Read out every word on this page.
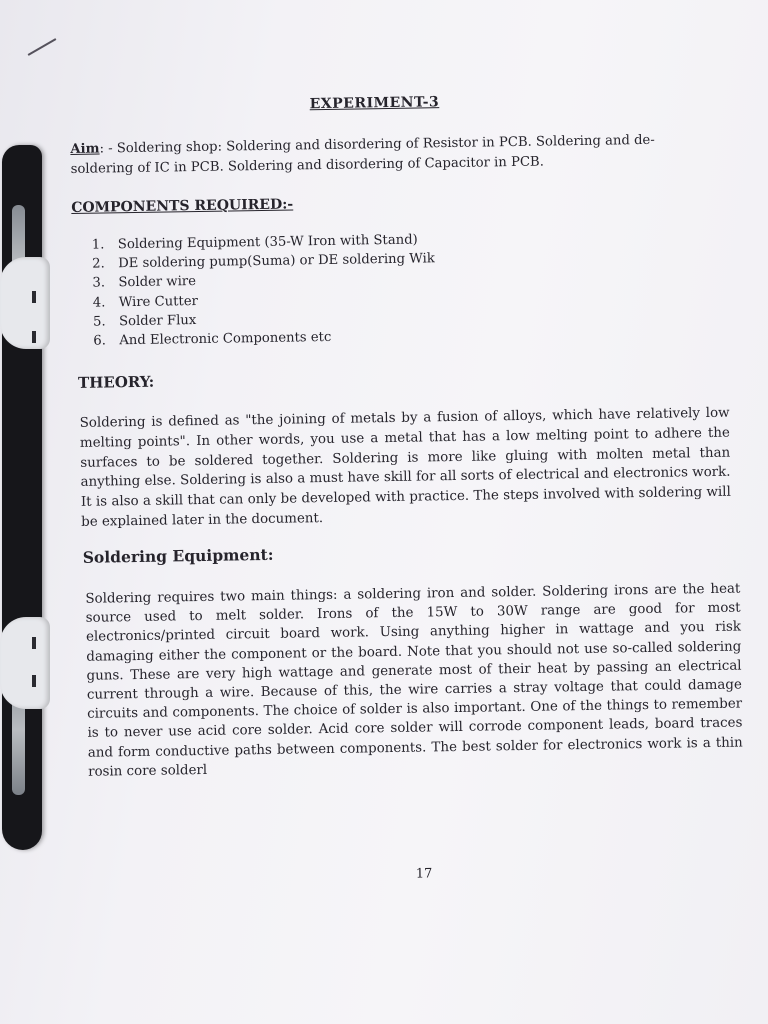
EXPERIMENT-3
Aim: - Soldering shop: Soldering and disordering of Resistor in PCB. Soldering and de-soldering of IC in PCB. Soldering and disordering of Capacitor in PCB.
COMPONENTS REQUIRED:-
1. Soldering Equipment (35-W Iron with Stand)
2. DE soldering pump(Suma) or DE soldering Wik
3. Solder wire
4. Wire Cutter
5. Solder Flux
6. And Electronic Components etc
THEORY:
Soldering is defined as "the joining of metals by a fusion of alloys, which have relatively low melting points". In other words, you use a metal that has a low melting point to adhere the surfaces to be soldered together. Soldering is more like gluing with molten metal than anything else. Soldering is also a must have skill for all sorts of electrical and electronics work. It is also a skill that can only be developed with practice. The steps involved with soldering will be explained later in the document.
Soldering Equipment:
Soldering requires two main things: a soldering iron and solder. Soldering irons are the heat source used to melt solder. Irons of the 15W to 30W range are good for most electronics/printed circuit board work. Using anything higher in wattage and you risk damaging either the component or the board. Note that you should not use so-called soldering guns. These are very high wattage and generate most of their heat by passing an electrical current through a wire. Because of this, the wire carries a stray voltage that could damage circuits and components. The choice of solder is also important. One of the things to remember is to never use acid core solder. Acid core solder will corrode component leads, board traces and form conductive paths between components. The best solder for electronics work is a thin rosin core solderl
17
